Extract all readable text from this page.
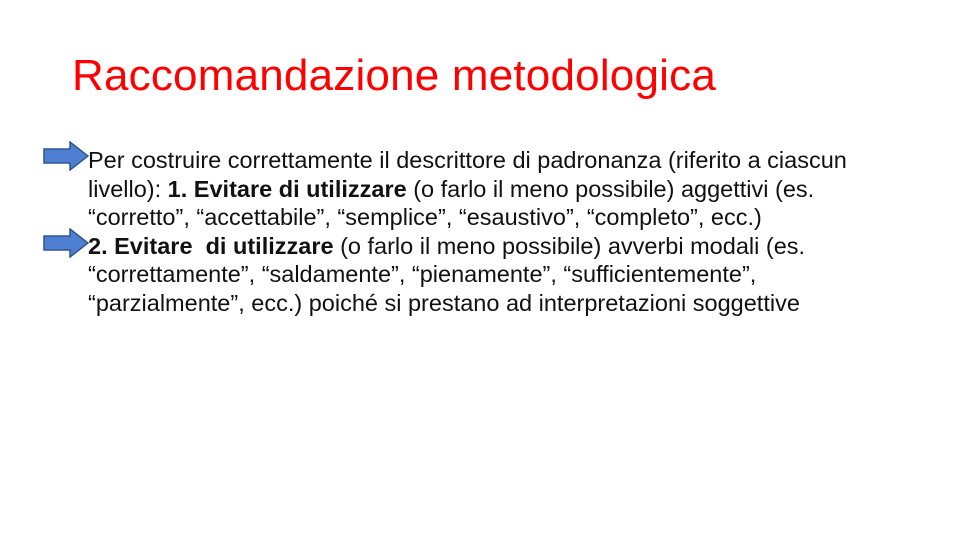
Raccomandazione metodologica

Per costruire correttamente il descrittore di padronanza (riferito a ciascun livello): 1. Evitare di utilizzare (o farlo il meno possibile) aggettivi (es. “corretto”, “accettabile”, “semplice”, “esaustivo”, “completo”, ecc.)

2. Evitare  di utilizzare (o farlo il meno possibile) avverbi modali (es. “correttamente”, “saldamente”, “pienamente”, “sufficientemente”, “parzialmente”, ecc.) poiché si prestano ad interpretazioni soggettive
